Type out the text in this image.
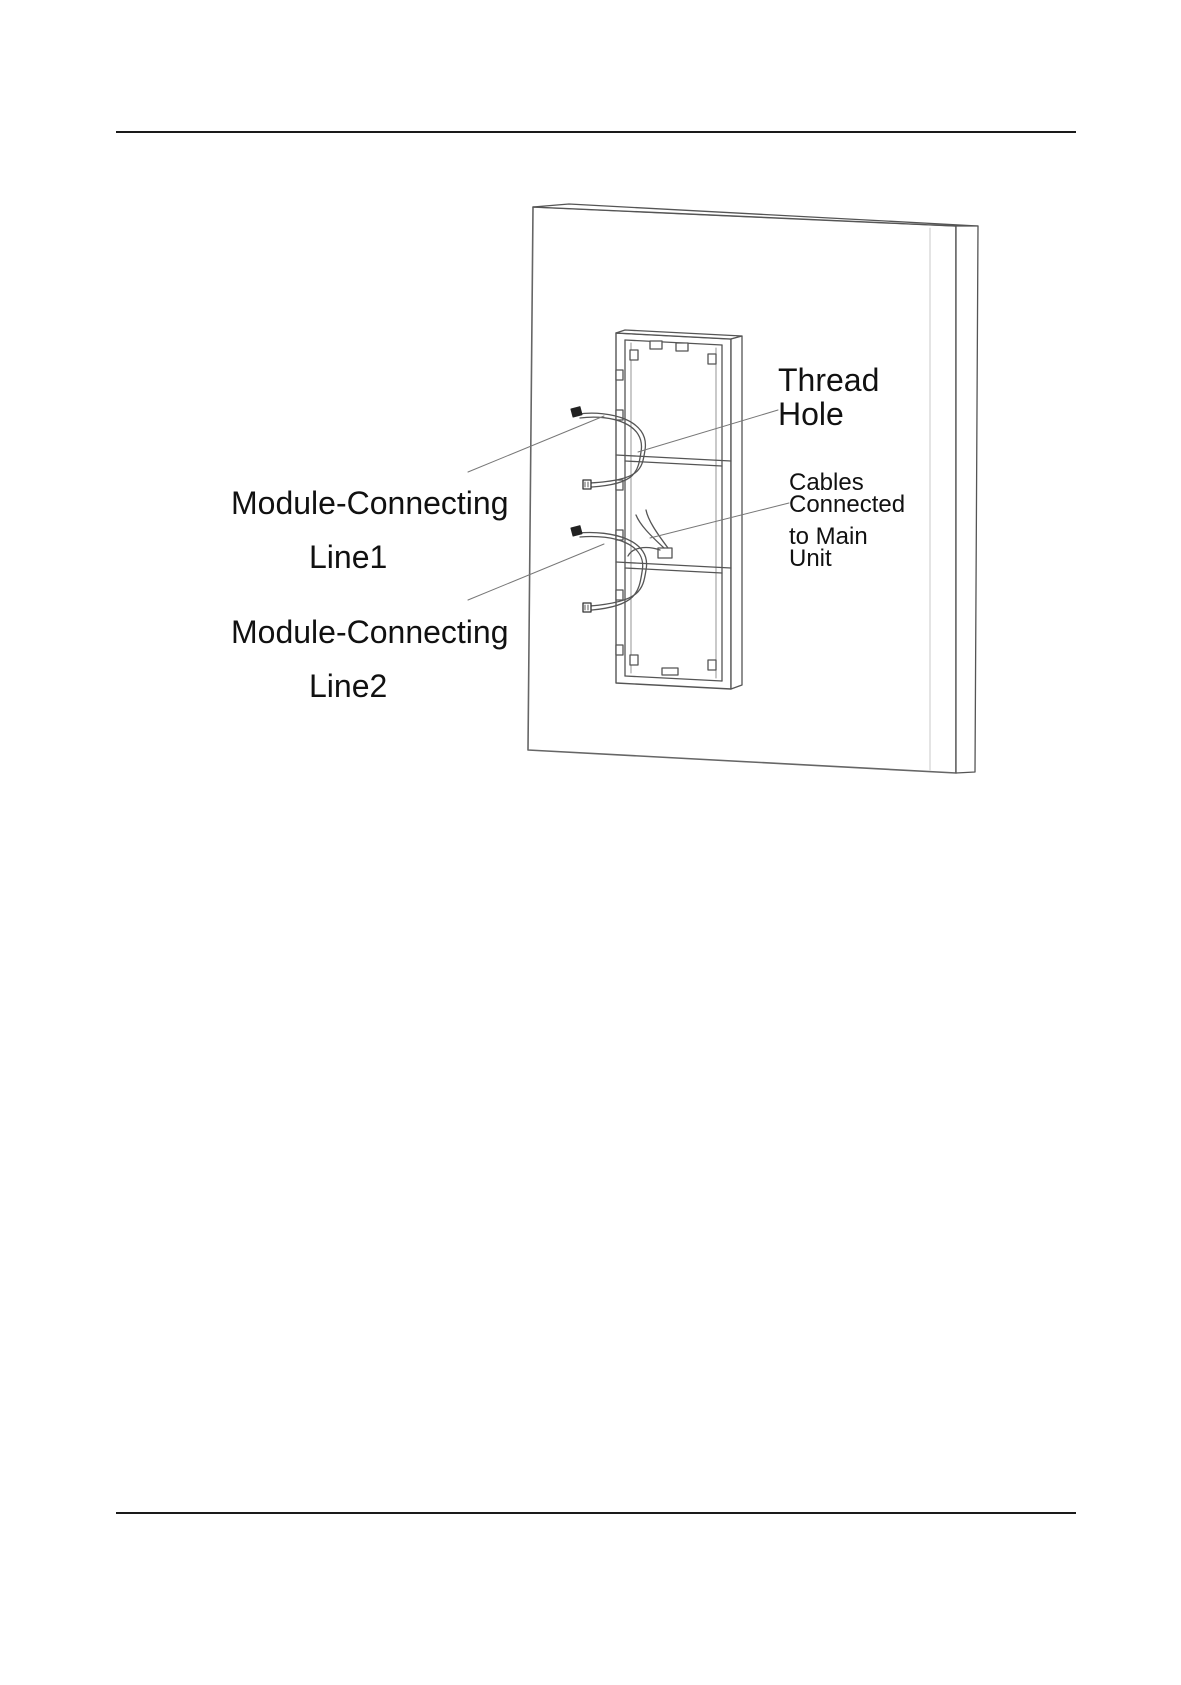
Module-Connecting
Line1
Module-Connecting
Line2
Thread
Hole
Cables
Connected
to Main
Unit
